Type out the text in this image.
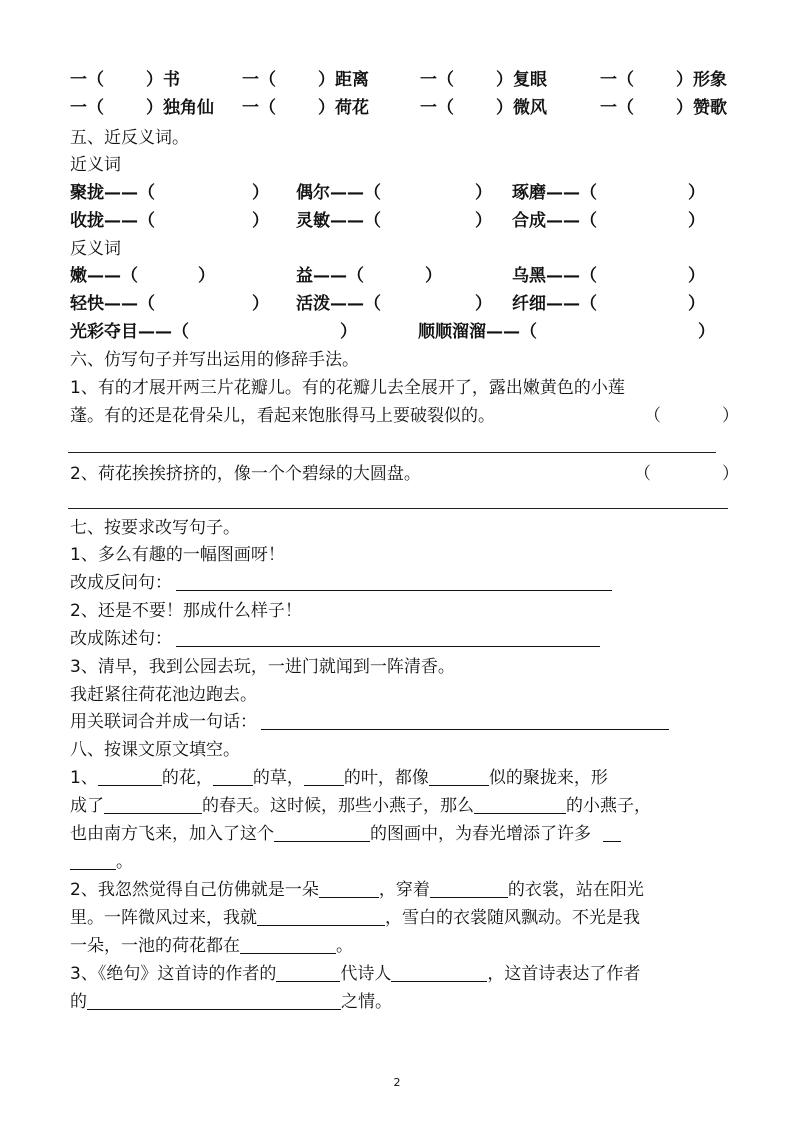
一（ ）书	一（ ）距离	一（ ）复眼	一（ ）形象
一（ ）独角仙 一（ ）荷花	一（ ）微风	一（ ）赞歌
五、近反义词。
近义词
聚拢——（	） 偶尔——（	） 琢磨——（	）
收拢——（	） 灵敏——（	） 合成——（	）
反义词
嫩——（	）	益——（	）	乌黑——（	）
轻快——（	） 活泼——（	） 纤细——（	）
光彩夺目——（	）	顺顺溜溜——（	）
六、仿写句子并写出运用的修辞手法。
1、有的才展开两三片花瓣儿。有的花瓣儿去全展开了，露出嫩黄色的小莲
蓬。有的还是花骨朵儿，看起来饱胀得马上要破裂似的。	（	）
2、荷花挨挨挤挤的，像一个个碧绿的大圆盘。	（	）
七、按要求改写句子。
1、多么有趣的一幅图画呀！
改成反问句：
2、还是不要！那成什么样子！
改成陈述句：
3、清早，我到公园去玩，一进门就闻到一阵清香。
我赶紧往荷花池边跑去。
用关联词合并成一句话：
八、按课文原文填空。
1、	的花， 的草， 的叶，都像	似的聚拢来，形
成了	的春天。这时候，那些小燕子，那么	的小燕子，
也由南方飞来，加入了这个	的图画中，为春光增添了许多
。
2、我忽然觉得自己仿佛就是一朵	，穿着	的衣裳，站在阳光
里。一阵微风过来，我就	，雪白的衣裳随风飘动。不光是我
一朵，一池的荷花都在	。
3、《绝句》这首诗的作者的	代诗人	，这首诗表达了作者
的	之情。
2
